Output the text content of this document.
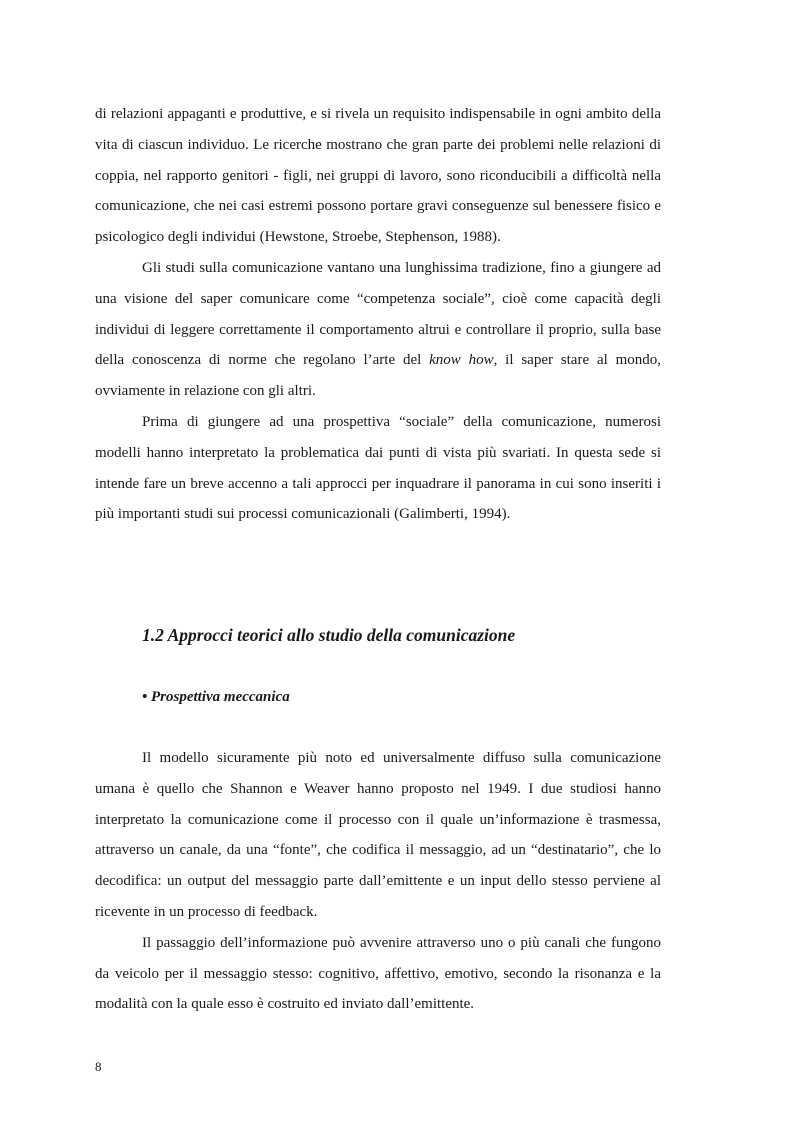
di relazioni appaganti e produttive, e si rivela un requisito indispensabile in ogni ambito della vita di ciascun individuo. Le ricerche mostrano che gran parte dei problemi nelle relazioni di coppia, nel rapporto genitori - figli, nei gruppi di lavoro, sono riconducibili a difficoltà nella comunicazione, che nei casi estremi possono portare gravi conseguenze sul benessere fisico e psicologico degli individui (Hewstone, Stroebe, Stephenson, 1988).

Gli studi sulla comunicazione vantano una lunghissima tradizione, fino a giungere ad una visione del saper comunicare come “competenza sociale”, cioè come capacità degli individui di leggere correttamente il comportamento altrui e controllare il proprio, sulla base della conoscenza di norme che regolano l’arte del know how, il saper stare al mondo, ovviamente in relazione con gli altri.

Prima di giungere ad una prospettiva “sociale” della comunicazione, numerosi modelli hanno interpretato la problematica dai punti di vista più svariati. In questa sede si intende fare un breve accenno a tali approcci per inquadrare il panorama in cui sono inseriti i più importanti studi sui processi comunicazionali (Galimberti, 1994).

1.2 Approcci teorici allo studio della comunicazione
• Prospettiva meccanica

Il modello sicuramente più noto ed universalmente diffuso sulla comunicazione umana è quello che Shannon e Weaver hanno proposto nel 1949. I due studiosi hanno interpretato la comunicazione come il processo con il quale un’informazione è trasmessa, attraverso un canale, da una “fonte”, che codifica il messaggio, ad un “destinatario”, che lo decodifica: un output del messaggio parte dall’emittente e un input dello stesso perviene al ricevente in un processo di feedback.

Il passaggio dell’informazione può avvenire attraverso uno o più canali che fungono da veicolo per il messaggio stesso: cognitivo, affettivo, emotivo, secondo la risonanza e la modalità con la quale esso è costruito ed inviato dall’emittente.

8
